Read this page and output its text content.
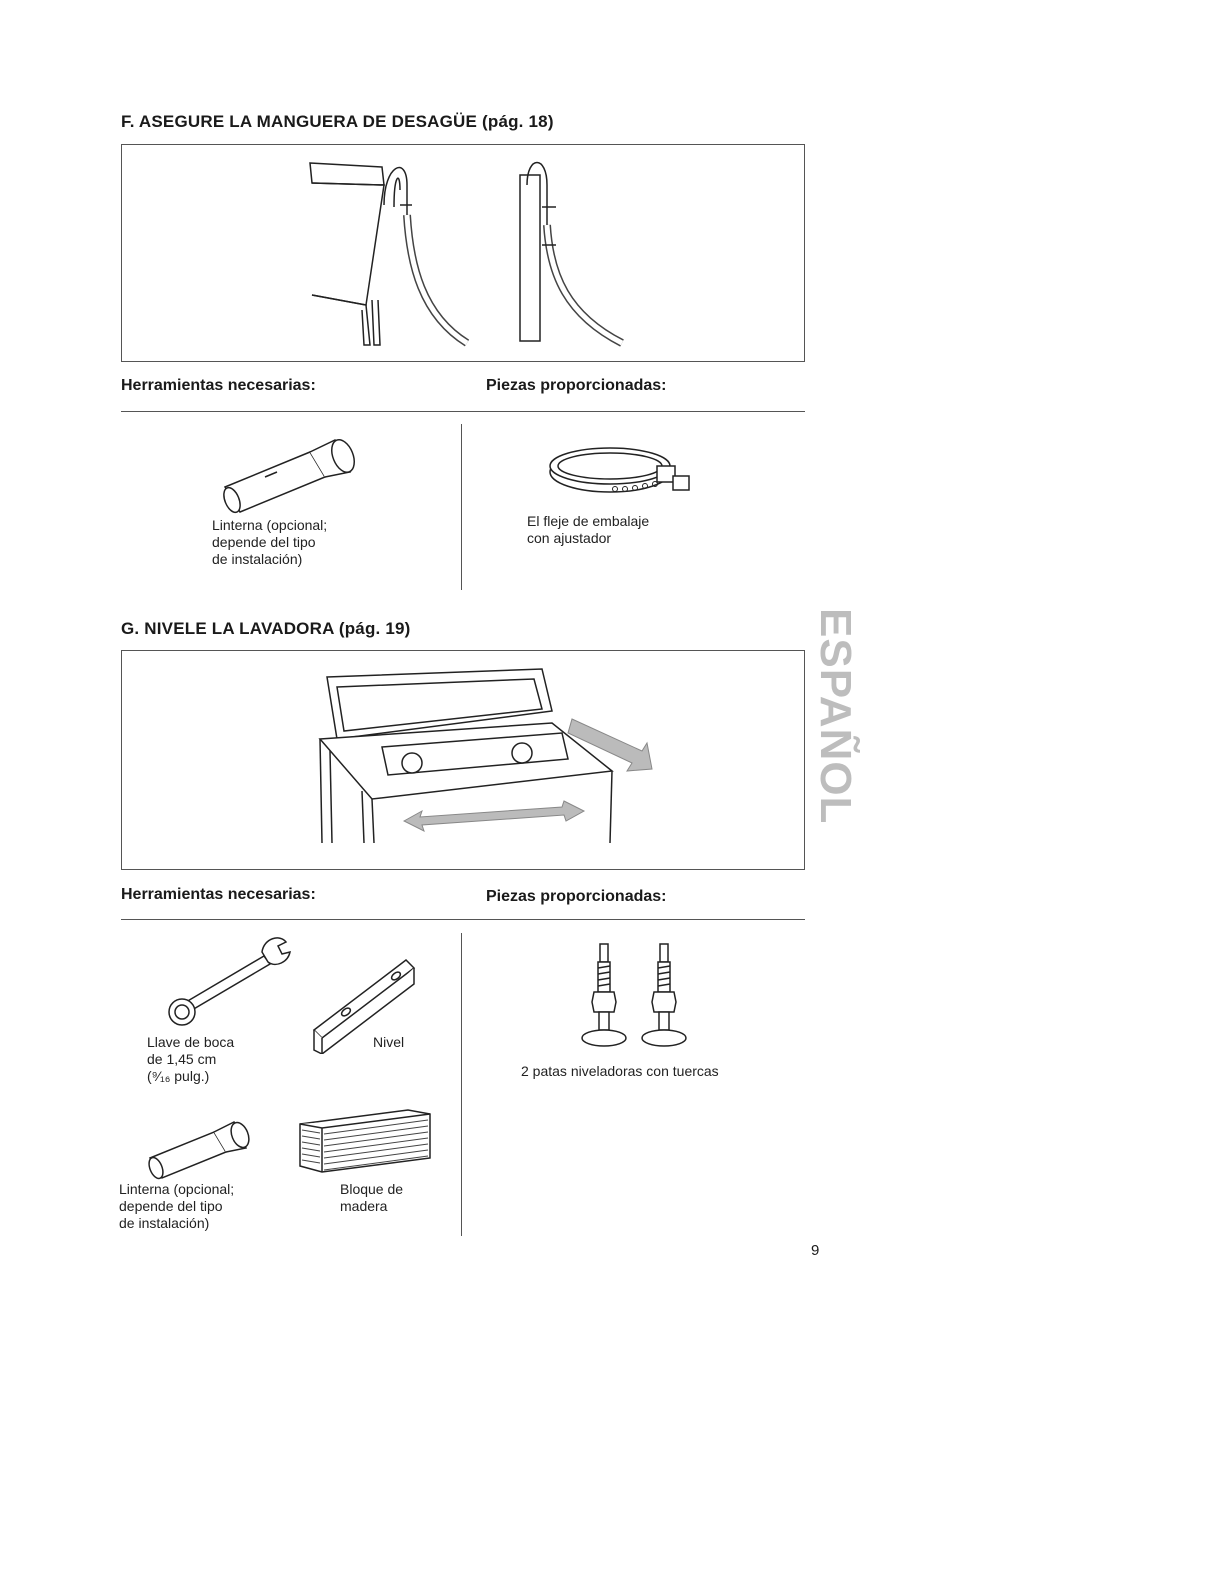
F. ASEGURE LA MANGUERA DE DESAGÜE (pág. 18)
Herramientas necesarias:	Piezas proporcionadas:
Linterna (opcional;
depende del tipo
de instalación)
El fleje de embalaje
con ajustador
G. NIVELE LA LAVADORA (pág. 19)
Herramientas necesarias:	Piezas proporcionadas:
Llave de boca
de 1,45 cm
(⁹⁄₁₆ pulg.)
Nivel
Linterna (opcional;
depende del tipo
de instalación)
Bloque de
madera
2 patas niveladoras con tuercas
ESPAÑOL
9
